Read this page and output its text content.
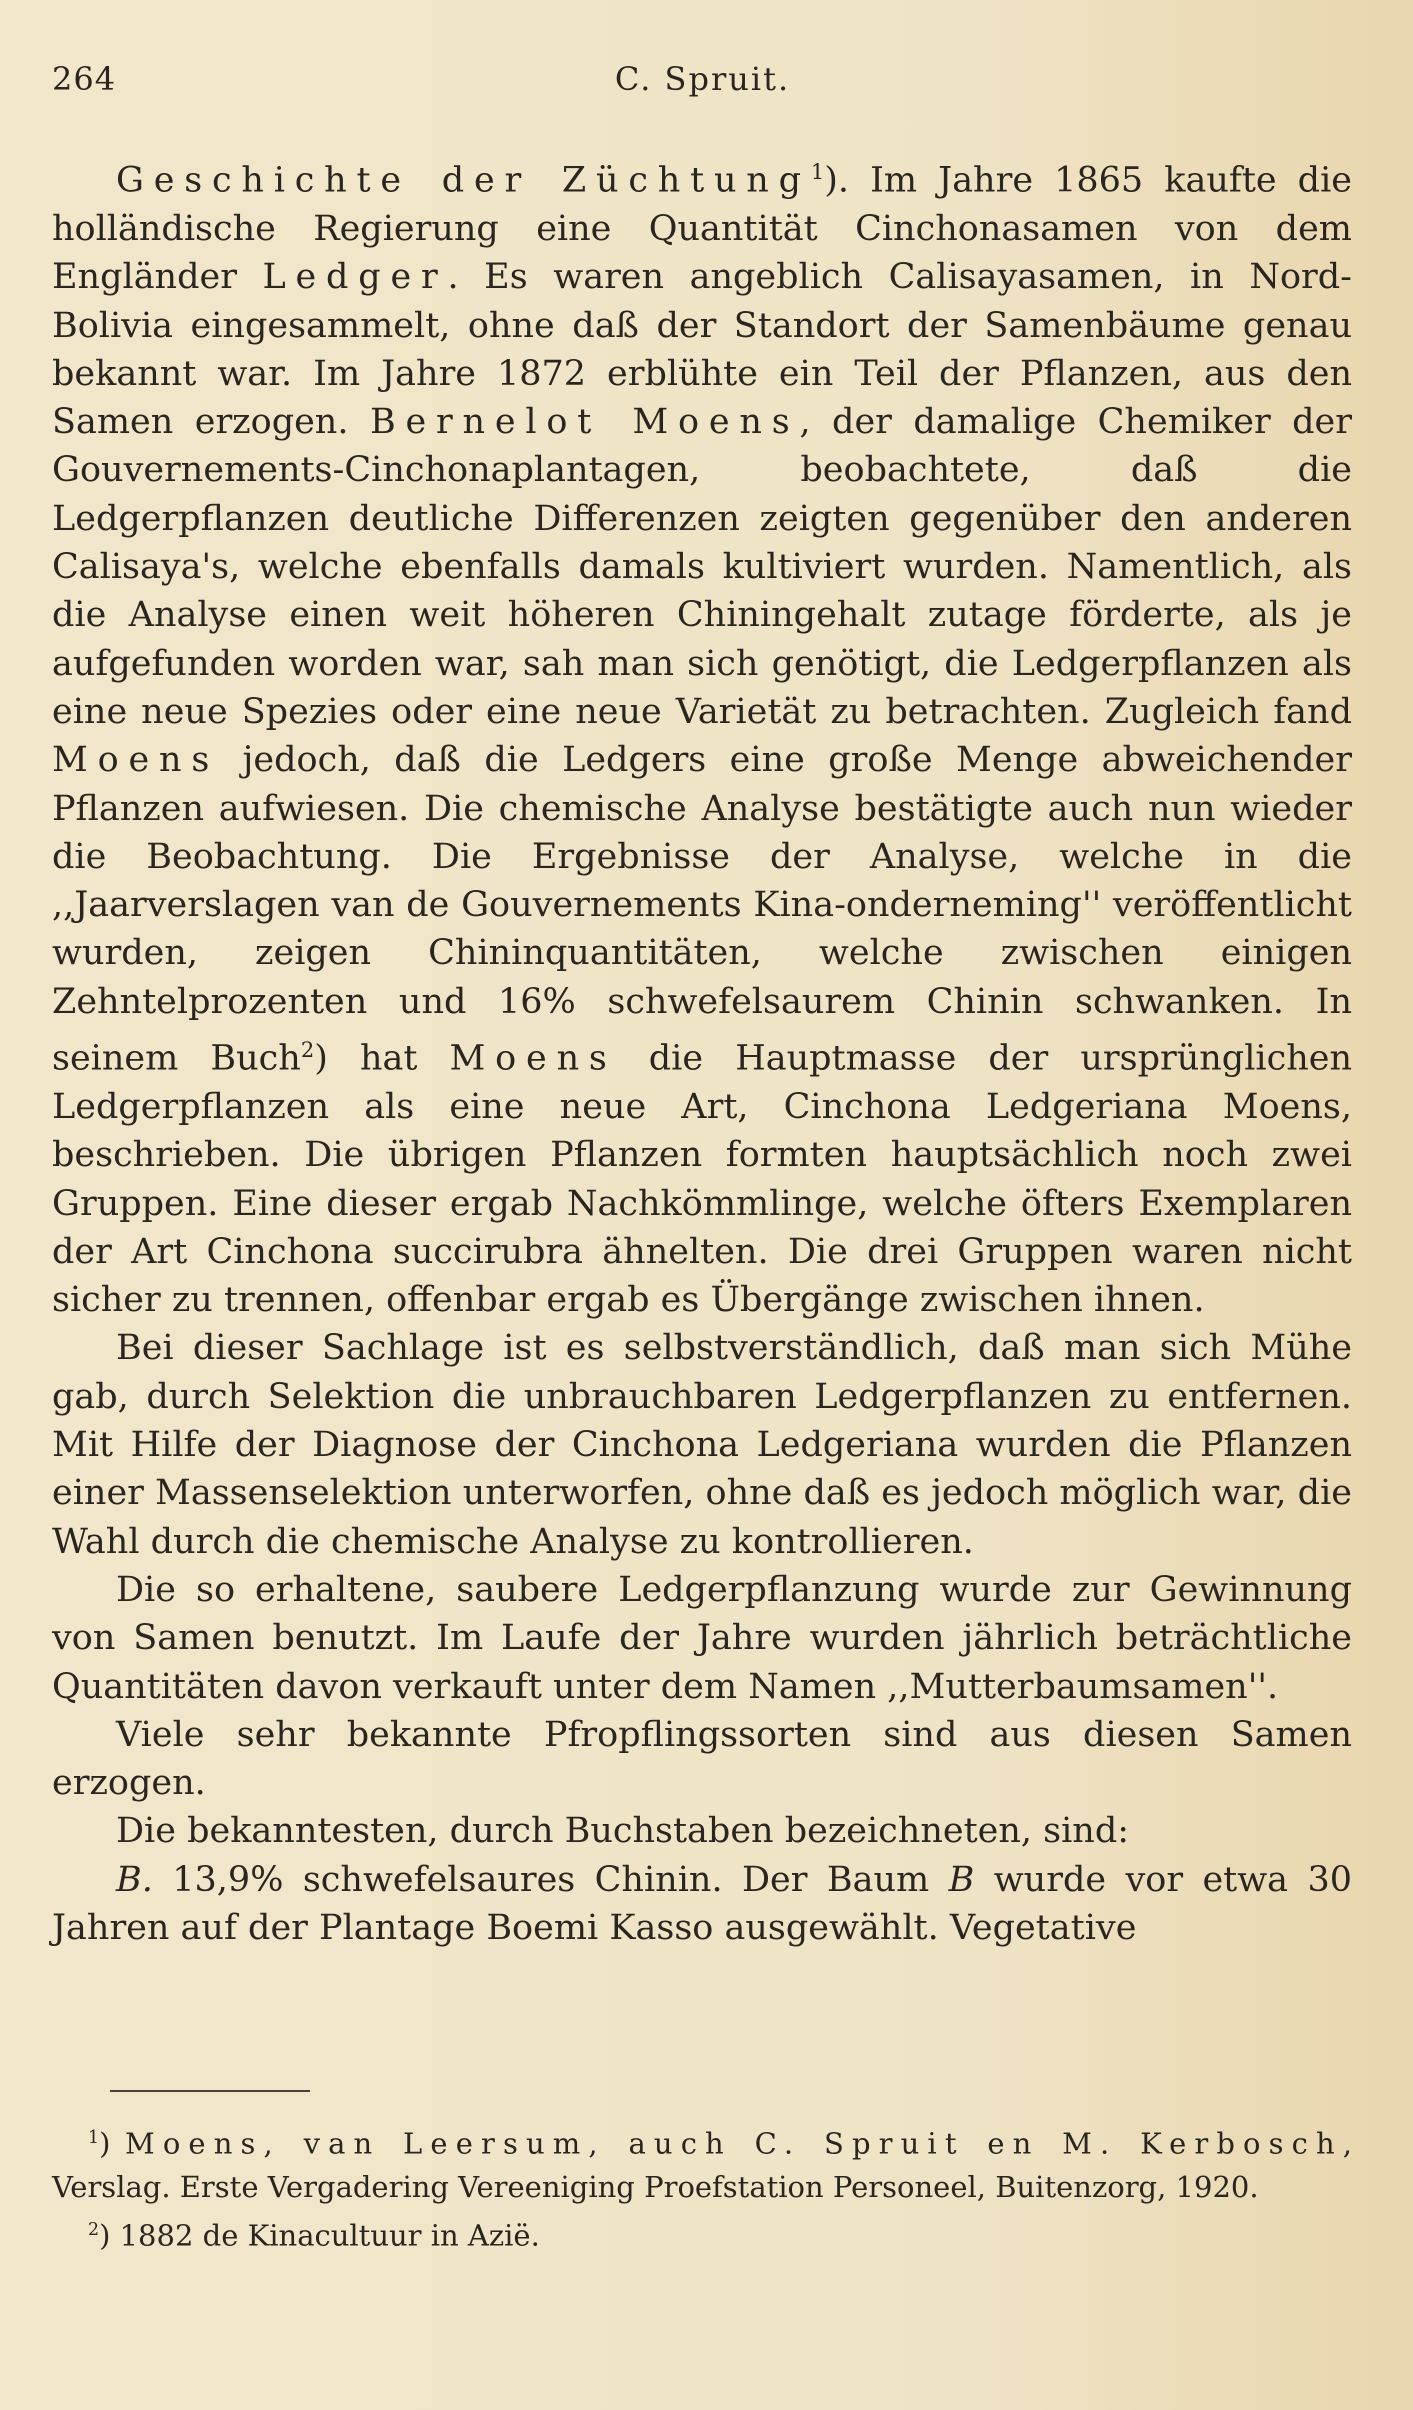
264	C. Spruit.

Geschichte der Züchtung$^1$). Im Jahre 1865 kaufte die holländische Regierung eine Quantität Cinchonasamen von dem Engländer Ledger. Es waren angeblich Calisayasamen, in Nord-Bolivia eingesammelt, ohne daß der Standort der Samenbäume genau bekannt war. Im Jahre 1872 erblühte ein Teil der Pflanzen, aus den Samen erzogen. Bernelot Moens, der damalige Chemiker der Gouvernements-Cinchonaplantagen, beobachtete, daß die Ledgerpflanzen deutliche Differenzen zeigten gegenüber den anderen Calisaya's, welche ebenfalls damals kultiviert wurden. Namentlich, als die Analyse einen weit höheren Chiningehalt zutage förderte, als je aufgefunden worden war, sah man sich genötigt, die Ledgerpflanzen als eine neue Spezies oder eine neue Varietät zu betrachten. Zugleich fand Moens jedoch, daß die Ledgers eine große Menge abweichender Pflanzen aufwiesen. Die chemische Analyse bestätigte auch nun wieder die Beobachtung. Die Ergebnisse der Analyse, welche in die ,,Jaarverslagen van de Gouvernements Kina-onderneming'' veröffentlicht wurden, zeigen Chininquantitäten, welche zwischen einigen Zehntelprozenten und 16% schwefelsaurem Chinin schwanken. In seinem Buch$^2$) hat Moens die Hauptmasse der ursprünglichen Ledgerpflanzen als eine neue Art, Cinchona Ledgeriana Moens, beschrieben. Die übrigen Pflanzen formten hauptsächlich noch zwei Gruppen. Eine dieser ergab Nachkömmlinge, welche öfters Exemplaren der Art Cinchona succirubra ähnelten. Die drei Gruppen waren nicht sicher zu trennen, offenbar ergab es Übergänge zwischen ihnen.

Bei dieser Sachlage ist es selbstverständlich, daß man sich Mühe gab, durch Selektion die unbrauchbaren Ledgerpflanzen zu entfernen. Mit Hilfe der Diagnose der Cinchona Ledgeriana wurden die Pflanzen einer Massenselektion unterworfen, ohne daß es jedoch möglich war, die Wahl durch die chemische Analyse zu kontrollieren.

Die so erhaltene, saubere Ledgerpflanzung wurde zur Gewinnung von Samen benutzt. Im Laufe der Jahre wurden jährlich beträchtliche Quantitäten davon verkauft unter dem Namen ,,Mutterbaumsamen''.

Viele sehr bekannte Pfropflingssorten sind aus diesen Samen erzogen.

Die bekanntesten, durch Buchstaben bezeichneten, sind:

B. 13,9% schwefelsaures Chinin. Der Baum B wurde vor etwa 30 Jahren auf der Plantage Boemi Kasso ausgewählt. Vegetative

$^1$) Moens, van Leersum, auch C. Spruit en M. Kerbosch, Verslag. Erste Vergadering Vereeniging Proefstation Personeel, Buitenzorg, 1920.

$^2$) 1882 de Kinacultuur in Azië.
